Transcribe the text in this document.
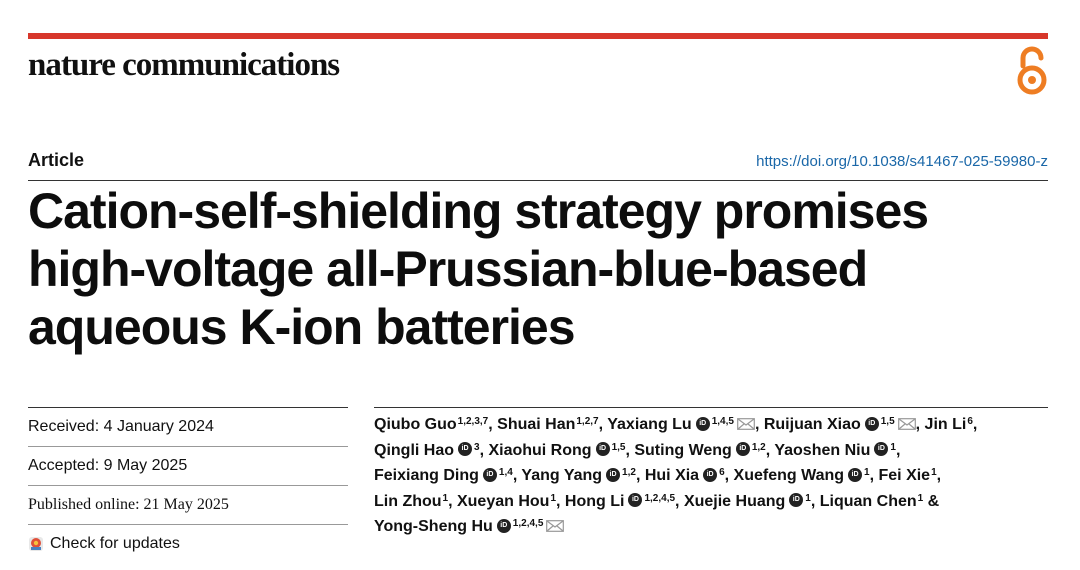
nature communications
Article	https://doi.org/10.1038/s41467-025-59980-z
Cation-self-shielding strategy promises high-voltage all-Prussian-blue-based aqueous K-ion batteries
Received: 4 January 2024
Accepted: 9 May 2025
Published online: 21 May 2025
Check for updates
Qiubo Guo$^{1,2,3,7}$, Shuai Han$^{1,2,7}$, Yaxiang Lu iD $^{1,4,5}$ , Ruijuan Xiao iD $^{1,5}$ , Jin Li$^6$,
Qingli Hao iD $^3$, Xiaohui Rong iD $^{1,5}$, Suting Weng iD $^{1,2}$, Yaoshen Niu iD $^1$,
Feixiang Ding iD $^{1,4}$, Yang Yang iD $^{1,2}$, Hui Xia iD $^6$, Xuefeng Wang iD $^1$, Fei Xie$^1$,
Lin Zhou$^1$, Xueyan Hou$^1$, Hong Li iD $^{1,2,4,5}$, Xuejie Huang iD $^1$, Liquan Chen$^1$ &
Yong-Sheng Hu iD $^{1,2,4,5}$
